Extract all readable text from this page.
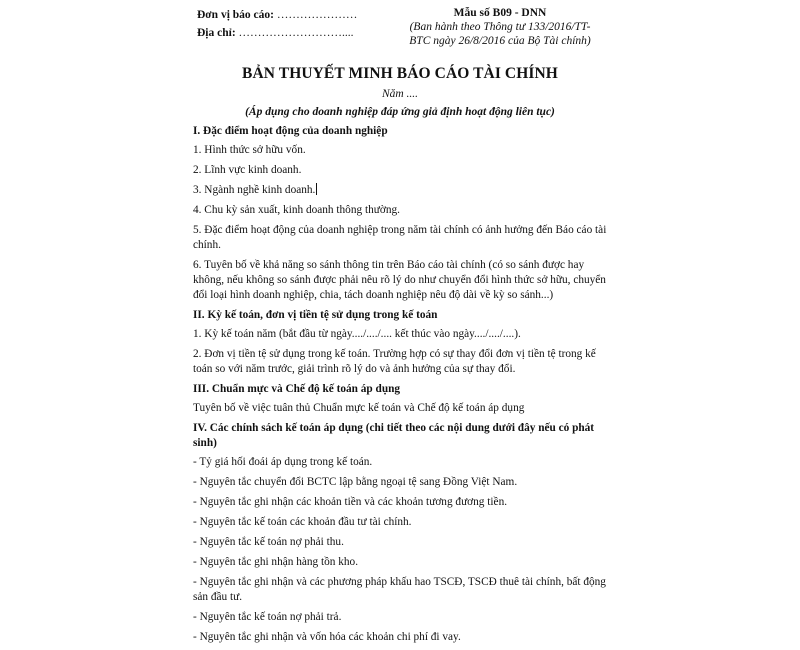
Đơn vị báo cáo: …………………
Địa chỉ: ………………………....
Mẫu số B09 - DNN
(Ban hành theo Thông tư 133/2016/TT-
BTC ngày 26/8/2016 của Bộ Tài chính)
BẢN THUYẾT MINH BÁO CÁO TÀI CHÍNH
Năm ....
(Áp dụng cho doanh nghiệp đáp ứng giả định hoạt động liên tục)

I. Đặc điểm hoạt động của doanh nghiệp

1. Hình thức sở hữu vốn.

2. Lĩnh vực kinh doanh.

3. Ngành nghề kinh doanh.

4. Chu kỳ sản xuất, kinh doanh thông thường.

5. Đặc điểm hoạt động của doanh nghiệp trong năm tài chính có ảnh hưởng đến Báo cáo tài chính.

6. Tuyên bố về khả năng so sánh thông tin trên Báo cáo tài chính (có so sánh được hay không, nếu không so sánh được phải nêu rõ lý do như chuyển đổi hình thức sở hữu, chuyển đổi loại hình doanh nghiệp, chia, tách doanh nghiệp nêu độ dài về kỳ so sánh...)

II. Kỳ kế toán, đơn vị tiền tệ sử dụng trong kế toán

1. Kỳ kế toán năm (bắt đầu từ ngày..../..../.... kết thúc vào ngày..../..../....).

2. Đơn vị tiền tệ sử dụng trong kế toán. Trường hợp có sự thay đổi đơn vị tiền tệ trong kế toán so với năm trước, giải trình rõ lý do và ảnh hưởng của sự thay đổi.

III. Chuẩn mực và Chế độ kế toán áp dụng

Tuyên bố về việc tuân thủ Chuẩn mực kế toán và Chế độ kế toán áp dụng

IV. Các chính sách kế toán áp dụng (chi tiết theo các nội dung dưới đây nếu có phát sinh)

- Tỷ giá hối đoái áp dụng trong kế toán.

- Nguyên tắc chuyển đổi BCTC lập bằng ngoại tệ sang Đồng Việt Nam.

- Nguyên tắc ghi nhận các khoản tiền và các khoản tương đương tiền.

- Nguyên tắc kế toán các khoản đầu tư tài chính.

- Nguyên tắc kế toán nợ phải thu.

- Nguyên tắc ghi nhận hàng tồn kho.

- Nguyên tắc ghi nhận và các phương pháp khấu hao TSCĐ, TSCĐ thuê tài chính, bất động sản đầu tư.

- Nguyên tắc kế toán nợ phải trả.

- Nguyên tắc ghi nhận và vốn hóa các khoản chi phí đi vay.
